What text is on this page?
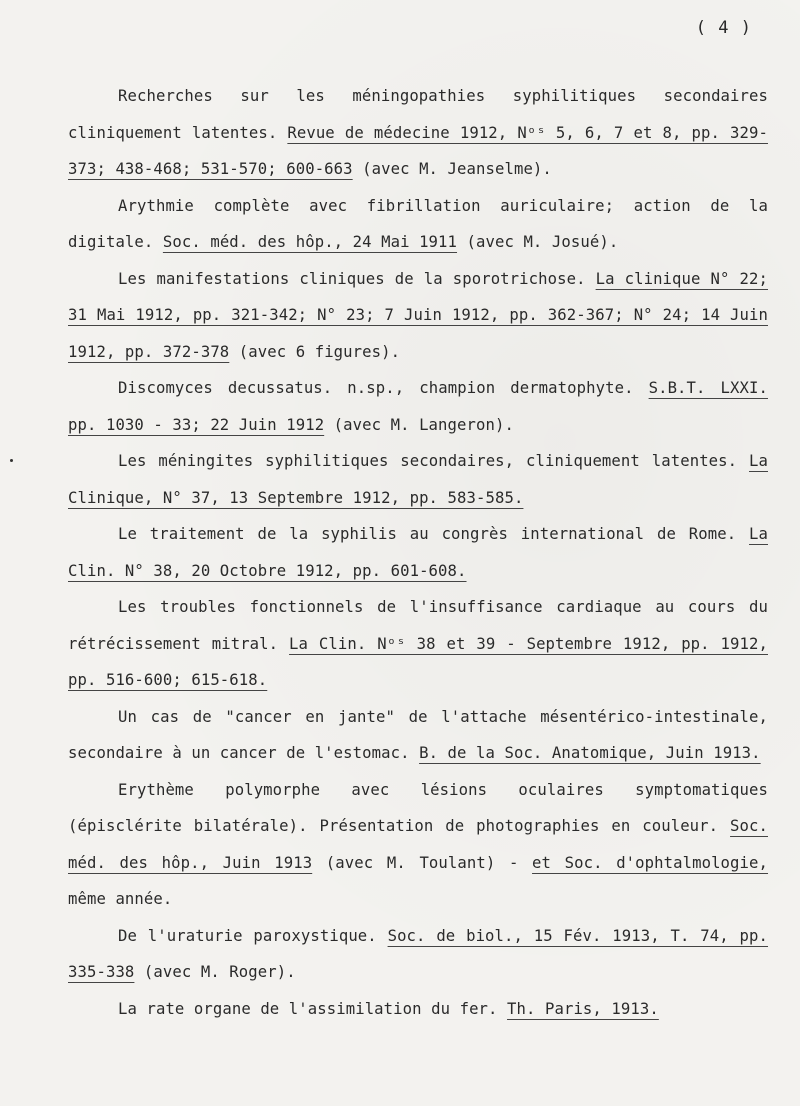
( 4 )

Recherches sur les méningopathies syphilitiques secondaires cliniquement latentes. Revue de médecine 1912, Nᵒˢ 5, 6, 7 et 8, pp. 329-373; 438-468; 531-570; 600-663 (avec M. Jeanselme).

Arythmie complète avec fibrillation auriculaire; action de la digitale. Soc. méd. des hôp., 24 Mai 1911 (avec M. Josué).

Les manifestations cliniques de la sporotrichose. La clinique N° 22; 31 Mai 1912, pp. 321-342; N° 23; 7 Juin 1912, pp. 362-367; N° 24; 14 Juin 1912, pp. 372-378 (avec 6 figures).

Discomyces decussatus. n.sp., champion dermatophyte. S.B.T. LXXI. pp. 1030 - 33; 22 Juin 1912 (avec M. Langeron).

Les méningites syphilitiques secondaires, cliniquement latentes. La Clinique, N° 37, 13 Septembre 1912, pp. 583-585.

Le traitement de la syphilis au congrès international de Rome. La Clin. N° 38, 20 Octobre 1912, pp. 601-608.

Les troubles fonctionnels de l'insuffisance cardiaque au cours du rétrécissement mitral. La Clin. Nᵒˢ 38 et 39 - Septembre 1912, pp. 1912, pp. 516-600; 615-618.

Un cas de "cancer en jante" de l'attache mésentérico-intestinale, secondaire à un cancer de l'estomac. B. de la Soc. Anatomique, Juin 1913.

Erythème polymorphe avec lésions oculaires symptomatiques (épisclérite bilatérale). Présentation de photographies en couleur. Soc. méd. des hôp., Juin 1913 (avec M. Toulant) - et Soc. d'ophtalmologie, même année.

De l'uraturie paroxystique. Soc. de biol., 15 Fév. 1913, T. 74, pp. 335-338 (avec M. Roger).

La rate organe de l'assimilation du fer. Th. Paris, 1913.
